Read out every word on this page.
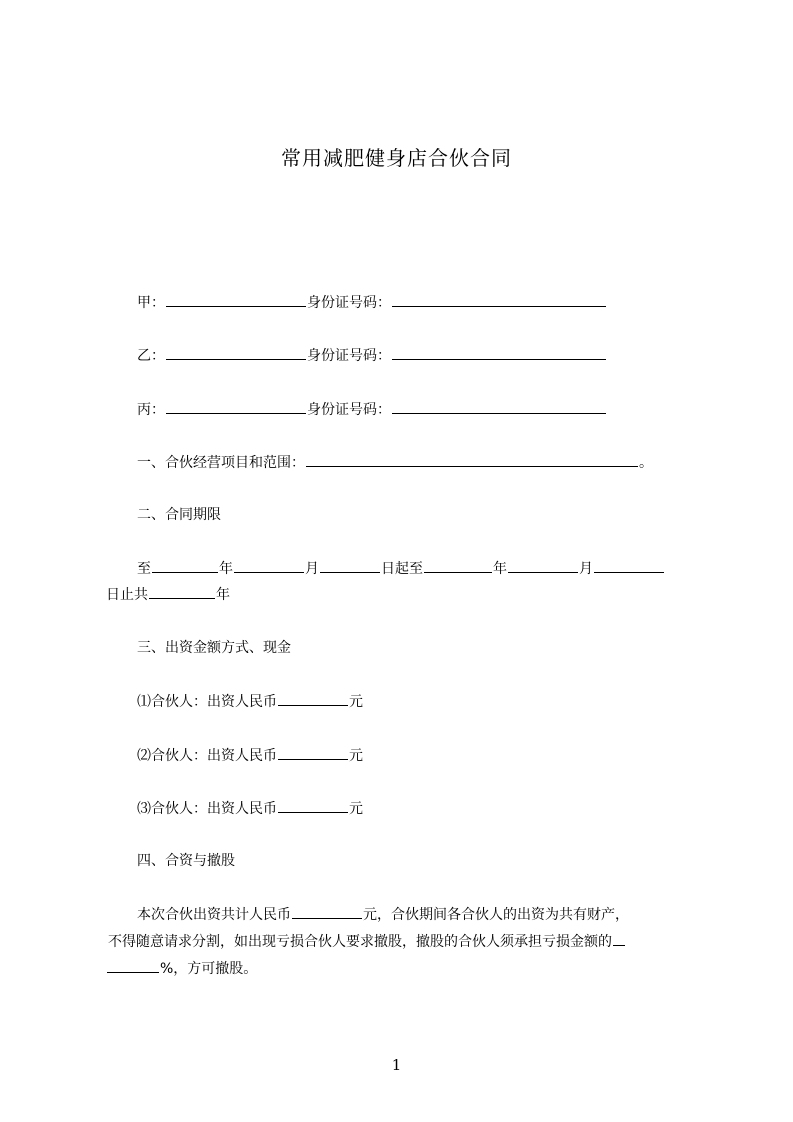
常用减肥健身店合伙合同
甲：	身份证号码：
乙：	身份证号码：
丙：	身份证号码：
一、合伙经营项目和范围：	。
二、合同期限
至	年	月	日起至	年	月
日止共	年
三、出资金额方式、现金
⑴合伙人：出资人民币	元
⑵合伙人：出资人民币	元
⑶合伙人：出资人民币	元
四、合资与撤股
本次合伙出资共计人民币	元，合伙期间各合伙人的出资为共有财产，
不得随意请求分割，如出现亏损合伙人要求撤股，撤股的合伙人须承担亏损金额的
%，方可撤股。
1
